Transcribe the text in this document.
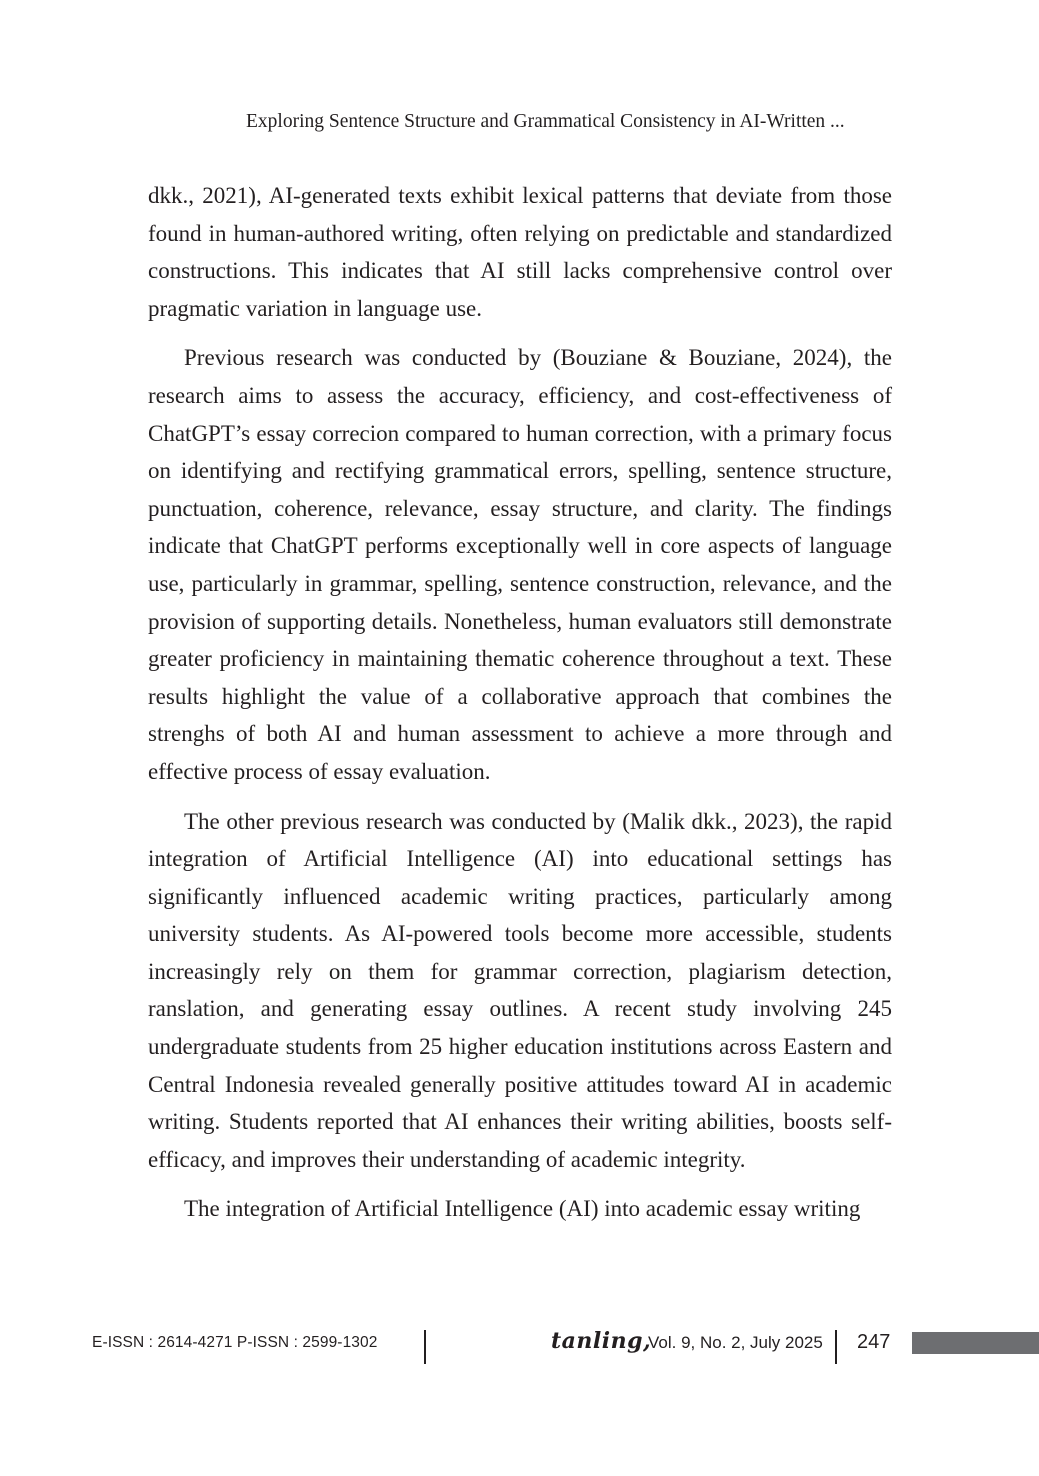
Exploring Sentence Structure and Grammatical Consistency in AI-Written ...

dkk., 2021), AI-generated texts exhibit lexical patterns that deviate from those found in human-authored writing, often relying on predictable and standardized constructions. This indicates that AI still lacks comprehensive control over pragmatic variation in language use.

Previous research was conducted by (Bouziane & Bouziane, 2024), the research aims to assess the accuracy, efficiency, and cost-effectiveness of ChatGPT’s essay correcion compared to human correction, with a primary focus on identifying and rectifying grammatical errors, spelling, sentence structure, punctuation, coherence, relevance, essay structure, and clarity. The findings indicate that ChatGPT performs exceptionally well in core aspects of language use, particularly in grammar, spelling, sentence construction, relevance, and the provision of supporting details. Nonetheless, human evaluators still demonstrate greater proficiency in maintaining thematic coherence throughout a text. These results highlight the value of a collaborative approach that combines the strenghs of both AI and human assessment to achieve a more through and effective process of essay evaluation.

The other previous research was conducted by (Malik dkk., 2023), the rapid integration of Artificial Intelligence (AI) into educational settings has significantly influenced academic writing practices, particularly among university students. As AI-powered tools become more accessible, students increasingly rely on them for grammar correction, plagiarism detection, ranslation, and generating essay outlines. A recent study involving 245 undergraduate students from 25 higher education institutions across Eastern and Central Indonesia revealed generally positive attitudes toward AI in academic writing. Students reported that AI enhances their writing abilities, boosts self-efficacy, and improves their understanding of academic integrity.

The integration of Artificial Intelligence (AI) into academic essay writing

E-ISSN : 2614-4271 P-ISSN : 2599-1302	tanling,
Vol. 9, No. 2, July 2025 247
